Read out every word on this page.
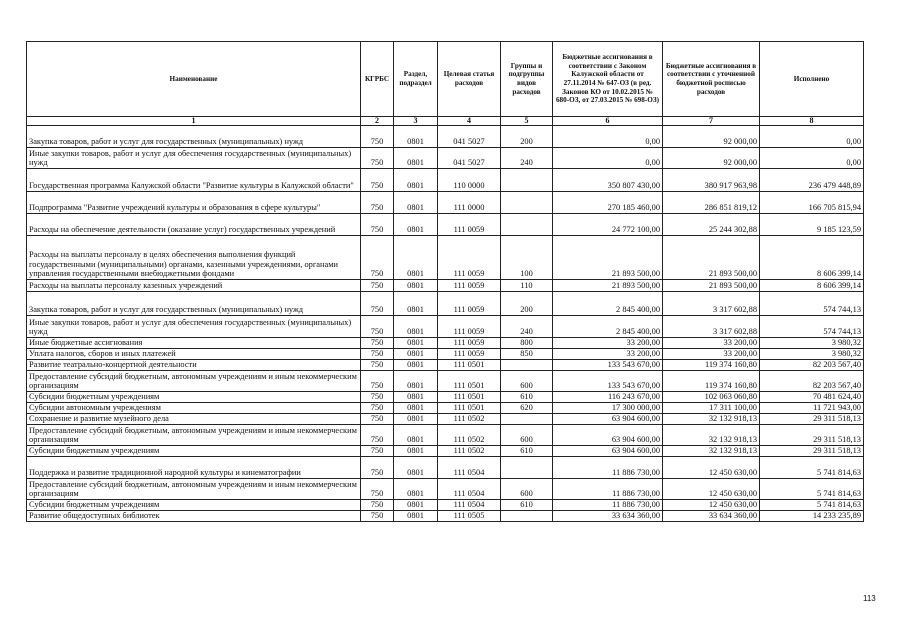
Наименование	КГРБС	Раздел, подраздел	Целевая статья расходов	Группы и подгруппы видов расходов	Бюджетные ассигнования в соответствии с Законом Калужской области от 27.11.2014 № 647-ОЗ (в ред. Законов КО от 10.02.2015 № 680-ОЗ, от 27.03.2015 № 698-ОЗ)	Бюджетные ассигнования в соответствии с уточненной бюджетной росписью расходов	Исполнено
1	2	3	4	5	6	7	8
Закупка товаров, работ и услуг для государственных (муниципальных) нужд	750	0801	041 5027	200	0,00	92 000,00	0,00
Иные закупки товаров, работ и услуг для обеспечения государственных (муниципальных) нужд	750	0801	041 5027	240	0,00	92 000,00	0,00
Государственная программа Калужской области "Развитие культуры в Калужской области"	750	0801	110 0000		350 807 430,00	380 917 963,98	236 479 448,89
Подпрограмма "Развитие учреждений культуры и образования в сфере культуры"	750	0801	111 0000		270 185 460,00	286 851 819,12	166 705 815,94
Расходы на обеспечение деятельности (оказание услуг) государственных учреждений	750	0801	111 0059		24 772 100,00	25 244 302,88	9 185 123,59
Расходы на выплаты персоналу в целях обеспечения выполнения функций государственными (муниципальными) органами, казенными учреждениями, органами управления государственными внебюджетными фондами	750	0801	111 0059	100	21 893 500,00	21 893 500,00	8 606 399,14
Расходы на выплаты персоналу казенных учреждений	750	0801	111 0059	110	21 893 500,00	21 893 500,00	8 606 399,14
Закупка товаров, работ и услуг для государственных (муниципальных) нужд	750	0801	111 0059	200	2 845 400,00	3 317 602,88	574 744,13
Иные закупки товаров, работ и услуг для обеспечения государственных (муниципальных) нужд	750	0801	111 0059	240	2 845 400,00	3 317 602,88	574 744,13
Иные бюджетные ассигнования	750	0801	111 0059	800	33 200,00	33 200,00	3 980,32
Уплата налогов, сборов и иных платежей	750	0801	111 0059	850	33 200,00	33 200,00	3 980,32
Развитие театрально-концертной деятельности	750	0801	111 0501		133 543 670,00	119 374 160,80	82 203 567,40
Предоставление субсидий бюджетным, автономным учреждениям и иным некоммерческим организациям	750	0801	111 0501	600	133 543 670,00	119 374 160,80	82 203 567,40
Субсидии бюджетным учреждениям	750	0801	111 0501	610	116 243 670,00	102 063 060,80	70 481 624,40
Субсидии автономным учреждениям	750	0801	111 0501	620	17 300 000,00	17 311 100,00	11 721 943,00
Сохранение и развитие музейного дела	750	0801	111 0502		63 904 600,00	32 132 918,13	29 311 518,13
Предоставление субсидий бюджетным, автономным учреждениям и иным некоммерческим организациям	750	0801	111 0502	600	63 904 600,00	32 132 918,13	29 311 518,13
Субсидии бюджетным учреждениям	750	0801	111 0502	610	63 904 600,00	32 132 918,13	29 311 518,13
Поддержка и развитие традиционной народной культуры и кинематографии	750	0801	111 0504		11 886 730,00	12 450 630,00	5 741 814,63
Предоставление субсидий бюджетным, автономным учреждениям и иным некоммерческим организациям	750	0801	111 0504	600	11 886 730,00	12 450 630,00	5 741 814,63
Субсидии бюджетным учреждениям	750	0801	111 0504	610	11 886 730,00	12 450 630,00	5 741 814,63
Развитие общедоступных библиотек	750	0801	111 0505		33 634 360,00	33 634 360,00	14 233 235,89
113
